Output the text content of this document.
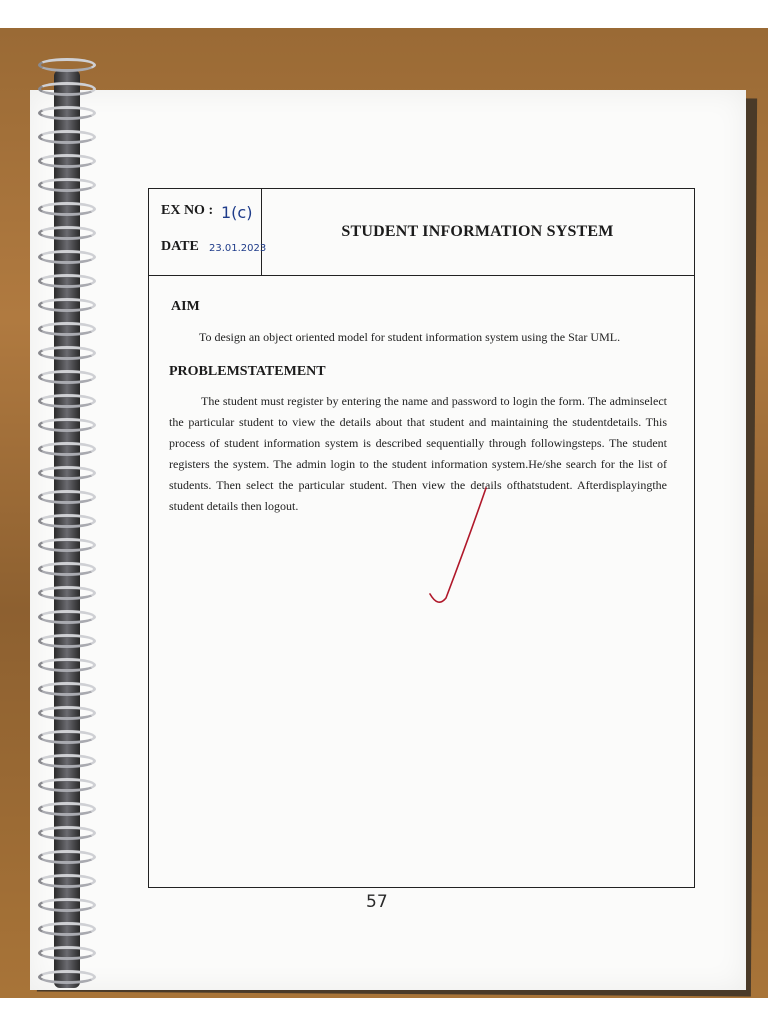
EX NO : 1(c)
DATE 23.01.2023
STUDENT INFORMATION SYSTEM
AIM
To design an object oriented model for student information system using the Star UML.
PROBLEMSTATEMENT
The student must register by entering the name and password to login the form. The adminselect the particular student to view the details about that student and maintaining the studentdetails. This process of student information system is described sequentially through followingsteps. The student registers the system. The admin login to the student information system.He/she search for the list of students. Then select the particular student. Then view the details ofthatstudent. Afterdisplayingthe student details then logout.
57
